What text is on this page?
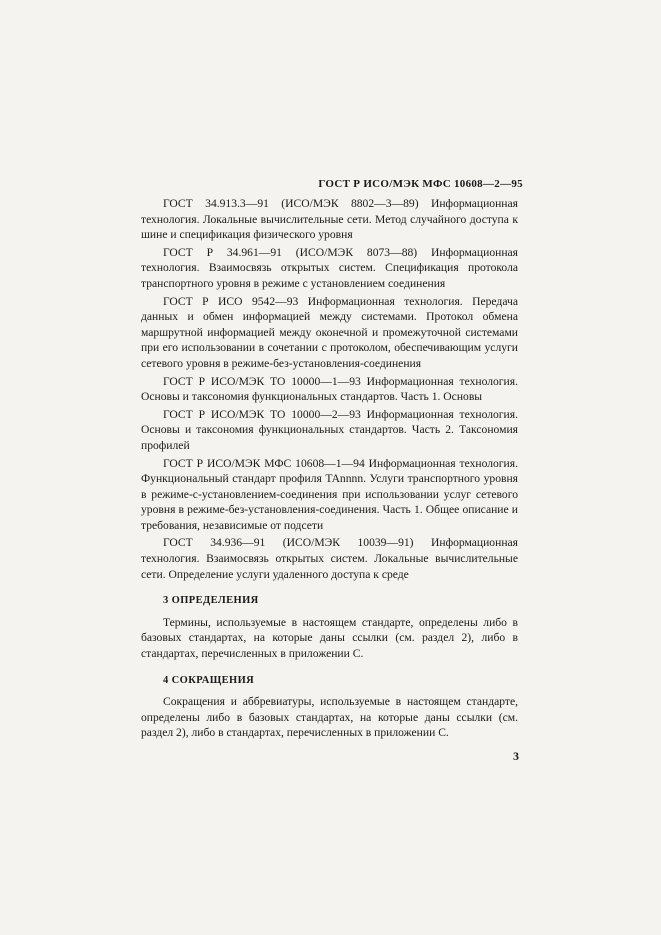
ГОСТ Р ИСО/МЭК МФС 10608—2—95

ГОСТ 34.913.3—91 (ИСО/МЭК 8802—3—89) Информационная технология. Локальные вычислительные сети. Метод случайного доступа к шине и спецификация физического уровня

ГОСТ Р 34.961—91 (ИСО/МЭК 8073—88) Информационная технология. Взаимосвязь открытых систем. Спецификация протокола транспортного уровня в режиме с установлением соединения

ГОСТ Р ИСО 9542—93 Информационная технология. Передача данных и обмен информацией между системами. Протокол обмена маршрутной информацией между оконечной и промежуточной системами при его использовании в сочетании с протоколом, обеспечивающим услуги сетевого уровня в режиме-без-установления-соединения

ГОСТ Р ИСО/МЭК ТО 10000—1—93 Информационная технология. Основы и таксономия функциональных стандартов. Часть 1. Основы

ГОСТ Р ИСО/МЭК ТО 10000—2—93 Информационная технология. Основы и таксономия функциональных стандартов. Часть 2. Таксономия профилей

ГОСТ Р ИСО/МЭК МФС 10608—1—94 Информационная технология. Функциональный стандарт профиля TAnnnn. Услуги транспортного уровня в режиме-с-установлением-соединения при использовании услуг сетевого уровня в режиме-без-установления-соединения. Часть 1. Общее описание и требования, независимые от подсети

ГОСТ 34.936—91 (ИСО/МЭК 10039—91) Информационная технология. Взаимосвязь открытых систем. Локальные вычислительные сети. Определение услуги удаленного доступа к среде

3 ОПРЕДЕЛЕНИЯ

Термины, используемые в настоящем стандарте, определены либо в базовых стандартах, на которые даны ссылки (см. раздел 2), либо в стандартах, перечисленных в приложении С.

4 СОКРАЩЕНИЯ

Сокращения и аббревиатуры, используемые в настоящем стандарте, определены либо в базовых стандартах, на которые даны ссылки (см. раздел 2), либо в стандартах, перечисленных в приложении С.

3
